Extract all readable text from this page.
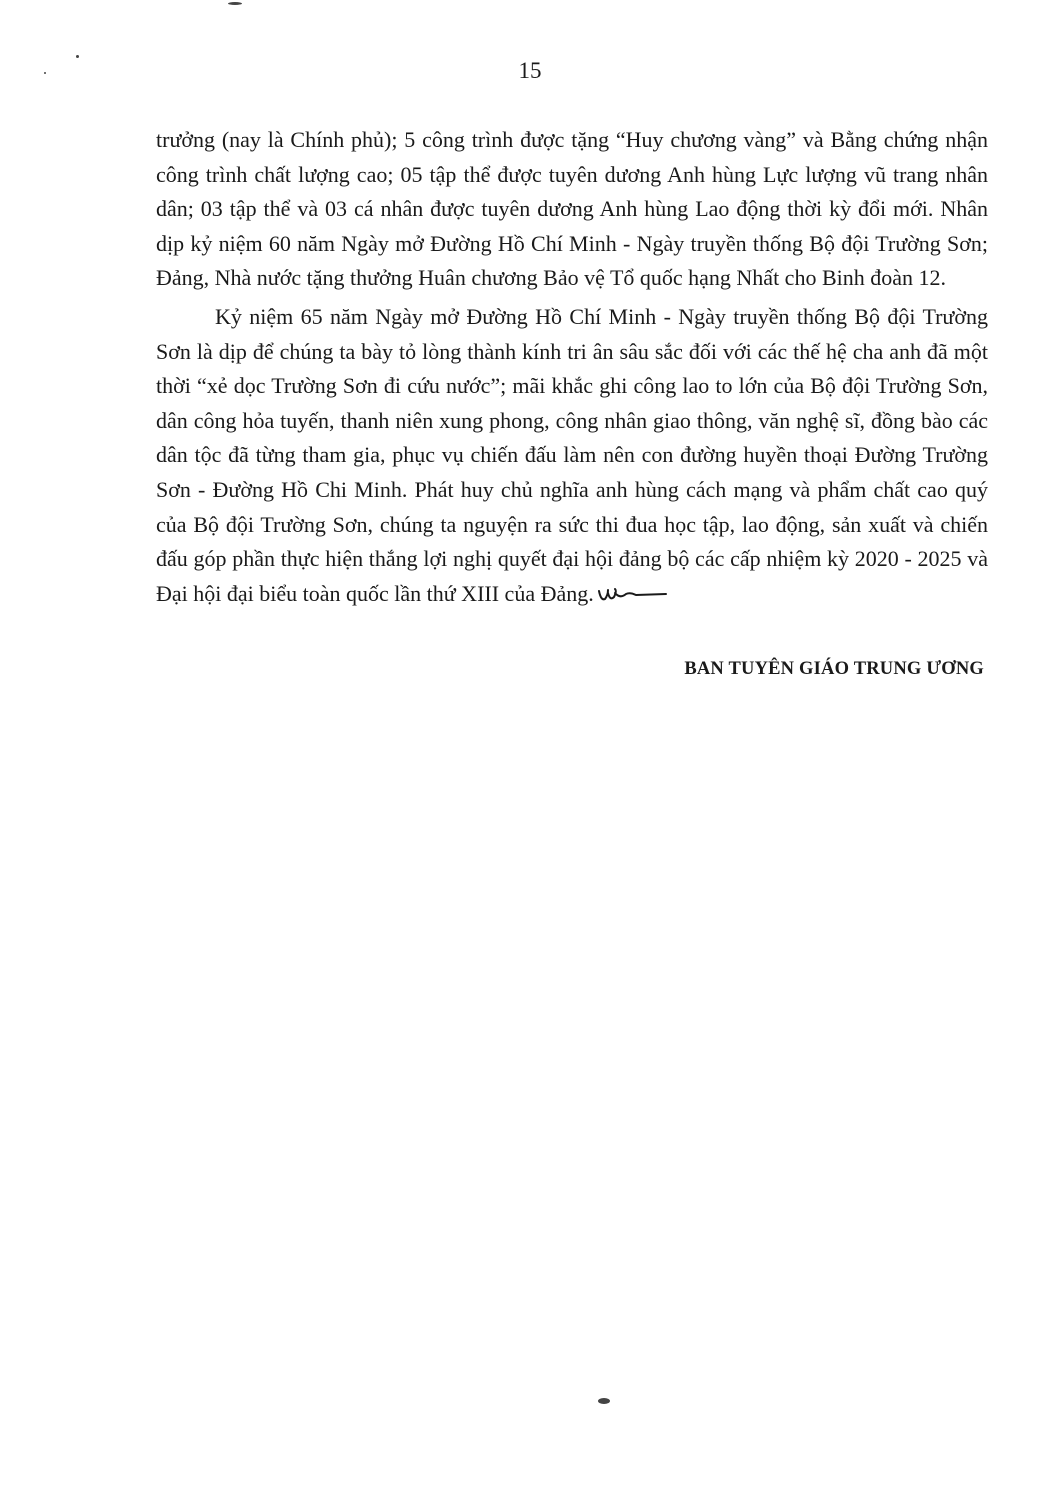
15

trưởng (nay là Chính phủ); 5 công trình được tặng “Huy chương vàng” và Bằng chứng nhận công trình chất lượng cao; 05 tập thể được tuyên dương Anh hùng Lực lượng vũ trang nhân dân; 03 tập thể và 03 cá nhân được tuyên dương Anh hùng Lao động thời kỳ đổi mới. Nhân dịp kỷ niệm 60 năm Ngày mở Đường Hồ Chí Minh - Ngày truyền thống Bộ đội Trường Sơn; Đảng, Nhà nước tặng thưởng Huân chương Bảo vệ Tổ quốc hạng Nhất cho Binh đoàn 12.

Kỷ niệm 65 năm Ngày mở Đường Hồ Chí Minh - Ngày truyền thống Bộ đội Trường Sơn là dịp để chúng ta bày tỏ lòng thành kính tri ân sâu sắc đối với các thế hệ cha anh đã một thời “xẻ dọc Trường Sơn đi cứu nước”; mãi khắc ghi công lao to lớn của Bộ đội Trường Sơn, dân công hỏa tuyến, thanh niên xung phong, công nhân giao thông, văn nghệ sĩ, đồng bào các dân tộc đã từng tham gia, phục vụ chiến đấu làm nên con đường huyền thoại Đường Trường Sơn - Đường Hồ Chi Minh. Phát huy chủ nghĩa anh hùng cách mạng và phẩm chất cao quý của Bộ đội Trường Sơn, chúng ta nguyện ra sức thi đua học tập, lao động, sản xuất và chiến đấu góp phần thực hiện thắng lợi nghị quyết đại hội đảng bộ các cấp nhiệm kỳ 2020 - 2025 và Đại hội đại biểu toàn quốc lần thứ XIII của Đảng.

BAN TUYÊN GIÁO TRUNG ƯƠNG
